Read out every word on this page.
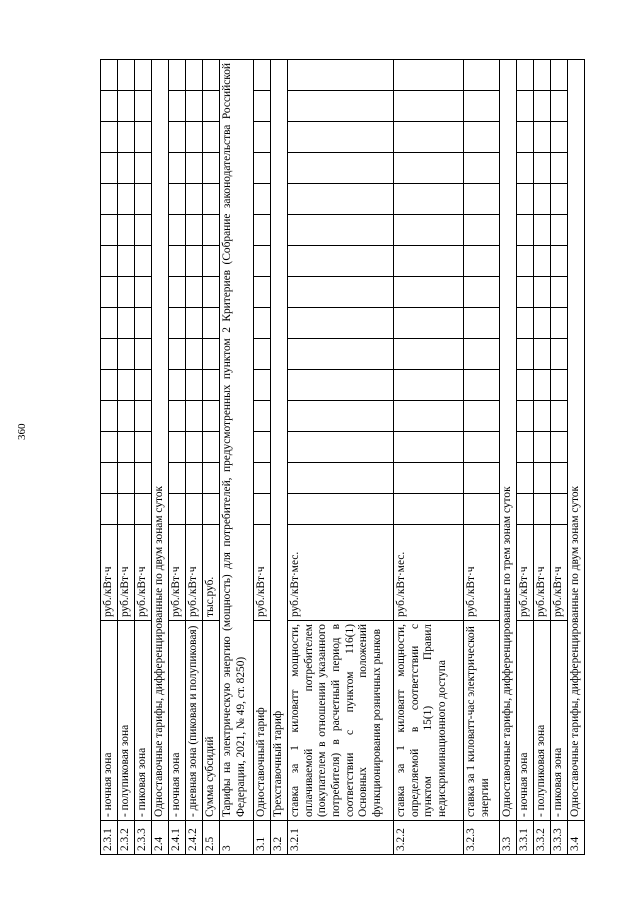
360
2.3.1	- ночная зона	руб./кВт·ч															
2.3.2	- полупиковая зона	руб./кВт·ч															
2.3.3	- пиковая зона	руб./кВт·ч															
2.4	Одноставочные тарифы, дифференцированные по двум зонам суток																
2.4.1	- ночная зона	руб./кВт·ч															
2.4.2	- дневная зона (пиковая и полупиковая)	руб./кВт·ч															
2.5	Сумма субсидий	тыс.руб.															
3	Тарифы на электрическую энергию (мощность) для потребителей, предусмотренных пунктом 2 Критериев (Собрание законодательства Российской Федерации, 2021, № 49, ст. 8250)																
3.1	Одноставочный тариф	руб./кВт·ч															
3.2	Трехставочный тариф																
3.2.1	ставка за 1 киловатт мощности, оплачиваемой потребителем (покупателем в отношении указанного потребителя) в расчетный период в соответствии с пунктом 116(1) Основных положений функционирования розничных рынков	руб./кВт·мес.															
3.2.2	ставка за 1 киловатт мощности, определяемой в соответствии с пунктом 15(1) Правил недискриминационного доступа	руб./кВт·мес.															
3.2.3	ставка за 1 киловатт-час электрической энергии	руб./кВт·ч															
3.3	Одноставочные тарифы, дифференцированные по трем зонам суток																
3.3.1	- ночная зона	руб./кВт·ч															
3.3.2	- полупиковая зона	руб./кВт·ч															
3.3.3	- пиковая зона	руб./кВт·ч															
3.4	Одноставочные тарифы, дифференцированные по двум зонам суток																
